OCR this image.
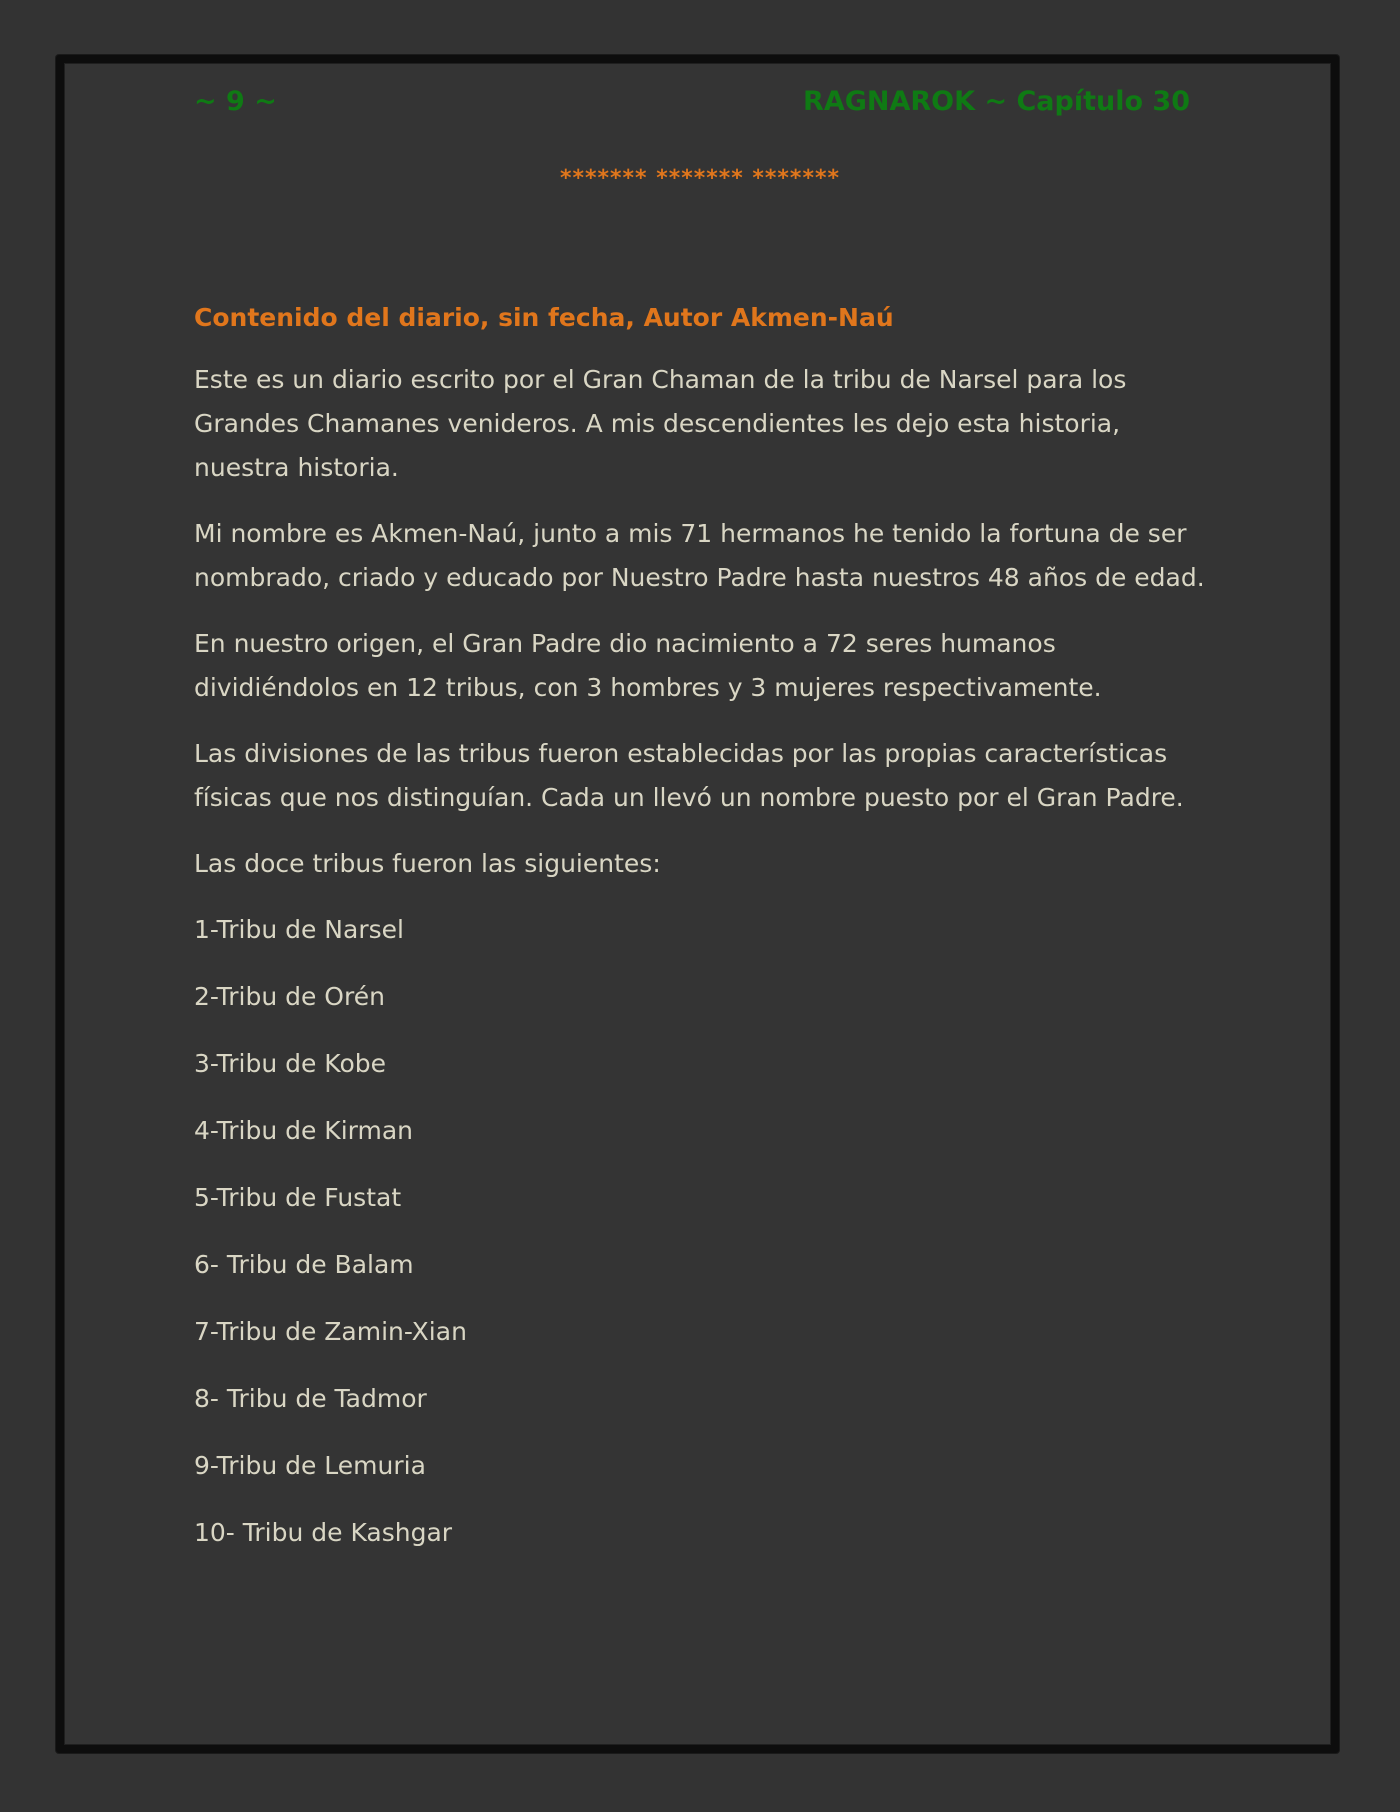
~ 9 ~	RAGNAROK ~ Capítulo 30
******* ******* *******

Contenido del diario, sin fecha, Autor Akmen-Naú

Este es un diario escrito por el Gran Chaman de la tribu de Narsel para los Grandes Chamanes venideros. A mis descendientes les dejo esta historia, nuestra historia.

Mi nombre es Akmen-Naú, junto a mis 71 hermanos he tenido la fortuna de ser nombrado, criado y educado por Nuestro Padre hasta nuestros 48 años de edad.

En nuestro origen, el Gran Padre dio nacimiento a 72 seres humanos dividiéndolos en 12 tribus, con 3 hombres y 3 mujeres respectivamente.

Las divisiones de las tribus fueron establecidas por las propias características físicas que nos distinguían. Cada un llevó un nombre puesto por el Gran Padre.

Las doce tribus fueron las siguientes:

1-Tribu de Narsel
2-Tribu de Orén
3-Tribu de Kobe
4-Tribu de Kirman
5-Tribu de Fustat
6- Tribu de Balam
7-Tribu de Zamin-Xian
8- Tribu de Tadmor
9-Tribu de Lemuria
10- Tribu de Kashgar
